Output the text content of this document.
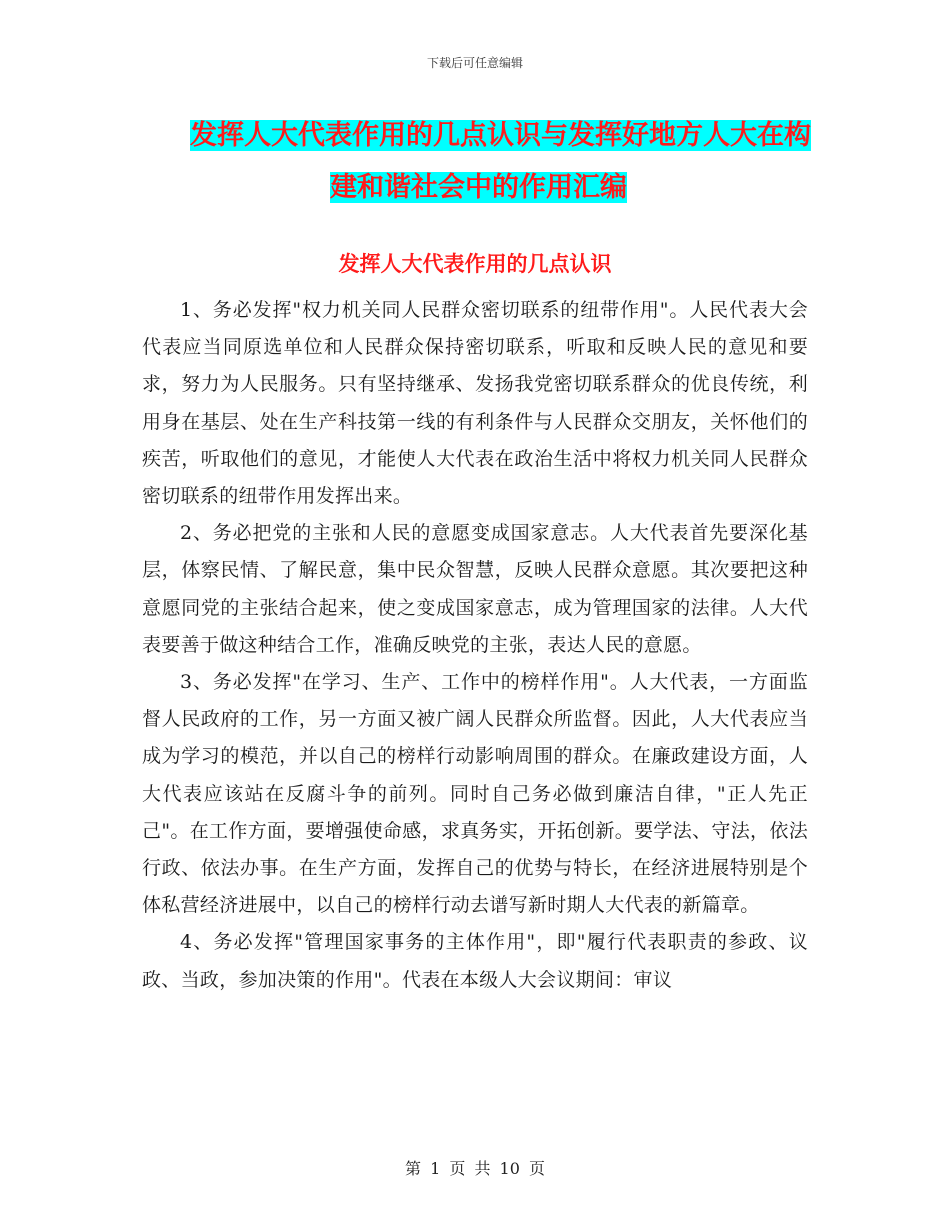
下载后可任意编辑
发挥人大代表作用的几点认识与发挥好地方人大在构
建和谐社会中的作用汇编
发挥人大代表作用的几点认识

1、务必发挥"权力机关同人民群众密切联系的纽带作用"。人民代表大会代表应当同原选单位和人民群众保持密切联系，听取和反映人民的意见和要求，努力为人民服务。只有坚持继承、发扬我党密切联系群众的优良传统，利用身在基层、处在生产科技第一线的有利条件与人民群众交朋友，关怀他们的疾苦，听取他们的意见，才能使人大代表在政治生活中将权力机关同人民群众密切联系的纽带作用发挥出来。

2、务必把党的主张和人民的意愿变成国家意志。人大代表首先要深化基层，体察民情、了解民意，集中民众智慧，反映人民群众意愿。其次要把这种意愿同党的主张结合起来，使之变成国家意志，成为管理国家的法律。人大代表要善于做这种结合工作，准确反映党的主张，表达人民的意愿。

3、务必发挥"在学习、生产、工作中的榜样作用"。人大代表，一方面监督人民政府的工作，另一方面又被广阔人民群众所监督。因此，人大代表应当成为学习的模范，并以自己的榜样行动影响周围的群众。在廉政建设方面，人大代表应该站在反腐斗争的前列。同时自己务必做到廉洁自律，"正人先正己"。在工作方面，要增强使命感，求真务实，开拓创新。要学法、守法，依法行政、依法办事。在生产方面，发挥自己的优势与特长，在经济进展特别是个体私营经济进展中，以自己的榜样行动去谱写新时期人大代表的新篇章。

4、务必发挥"管理国家事务的主体作用"，即"履行代表职责的参政、议政、当政，参加决策的作用"。代表在本级人大会议期间：审议

第 1 页 共 10 页
